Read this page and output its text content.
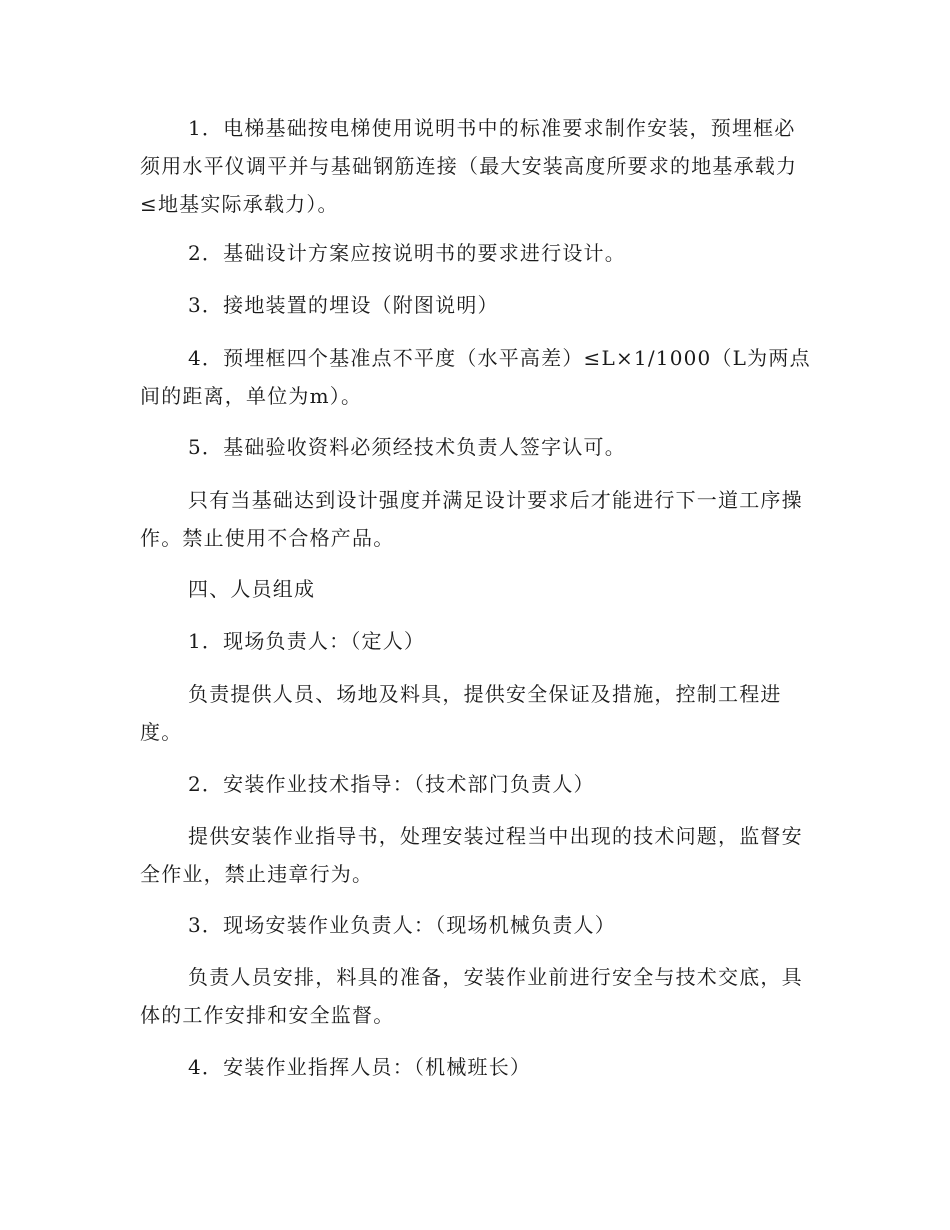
1．电梯基础按电梯使用说明书中的标准要求制作安装，预埋框必须用水平仪调平并与基础钢筋连接（最大安装高度所要求的地基承载力≤地基实际承载力）。

2．基础设计方案应按说明书的要求进行设计。

3．接地装置的埋设（附图说明）

4．预埋框四个基准点不平度（水平高差）≤L×1/1000（L为两点间的距离，单位为m）。

5．基础验收资料必须经技术负责人签字认可。

只有当基础达到设计强度并满足设计要求后才能进行下一道工序操作。禁止使用不合格产品。

四、人员组成

1．现场负责人：（定人）

负责提供人员、场地及料具，提供安全保证及措施，控制工程进度。

2．安装作业技术指导：（技术部门负责人）

提供安装作业指导书，处理安装过程当中出现的技术问题，监督安全作业，禁止违章行为。

3．现场安装作业负责人：（现场机械负责人）

负责人员安排，料具的准备，安装作业前进行安全与技术交底，具体的工作安排和安全监督。

4．安装作业指挥人员：（机械班长）
